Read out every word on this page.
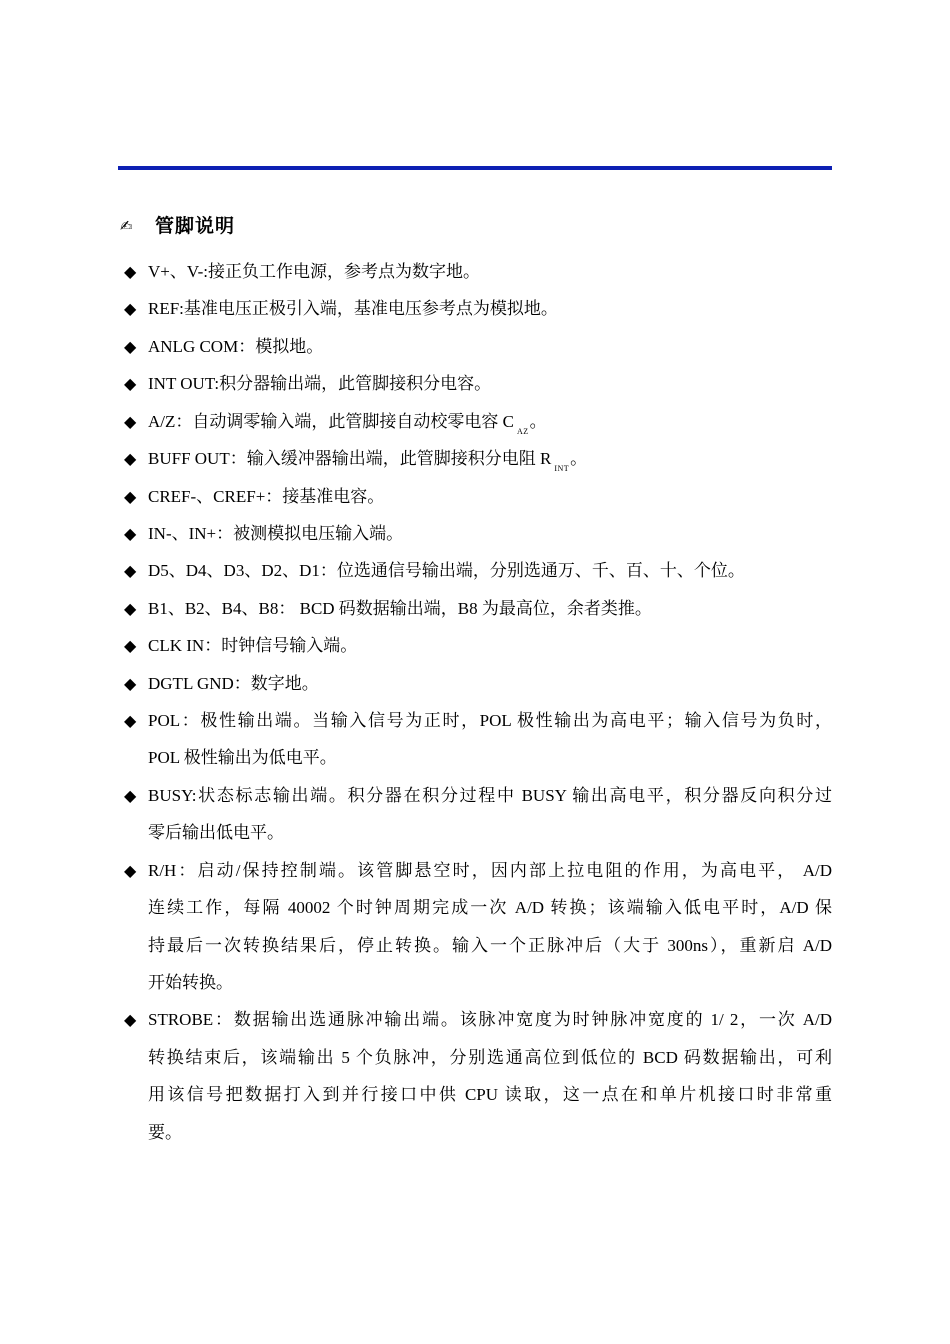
✍ 管脚说明
◆ V+、V-:接正负工作电源，参考点为数字地。
◆ REF:基准电压正极引入端，基准电压参考点为模拟地。
◆ ANLG COM：模拟地。
◆ INT OUT:积分器输出端，此管脚接积分电容。
◆ A/Z：自动调零输入端，此管脚接自动校零电容 $C_{AZ}$。
◆ BUFF OUT：输入缓冲器输出端，此管脚接积分电阻 $R_{INT}$。
◆ CREF-、CREF+：接基准电容。
◆ IN-、IN+：被测模拟电压输入端。
◆ D5、D4、D3、D2、D1：位选通信号输出端，分别选通万、千、百、十、个位。
◆ B1、B2、B4、B8： BCD 码数据输出端，B8 为最高位，余者类推。
◆ CLK IN：时钟信号输入端。
◆ DGTL GND：数字地。
◆ POL：极性输出端。当输入信号为正时，POL 极性输出为高电平；输入信号为负时，
POL 极性输出为低电平。
◆ BUSY:状态标志输出端。积分器在积分过程中 BUSY 输出高电平，积分器反向积分过
零后输出低电平。
◆ R/H：启动/保持控制端。该管脚悬空时，因内部上拉电阻的作用，为高电平， A/D
连续工作，每隔 40002 个时钟周期完成一次 A/D 转换；该端输入低电平时，A/D 保
持最后一次转换结果后，停止转换。输入一个正脉冲后（大于 300ns），重新启 A/D
开始转换。
◆ STROBE：数据输出选通脉冲输出端。该脉冲宽度为时钟脉冲宽度的 1/ 2，一次 A/D
转换结束后，该端输出 5 个负脉冲，分别选通高位到低位的 BCD 码数据输出，可利
用该信号把数据打入到并行接口中供 CPU 读取，这一点在和单片机接口时非常重
要。
